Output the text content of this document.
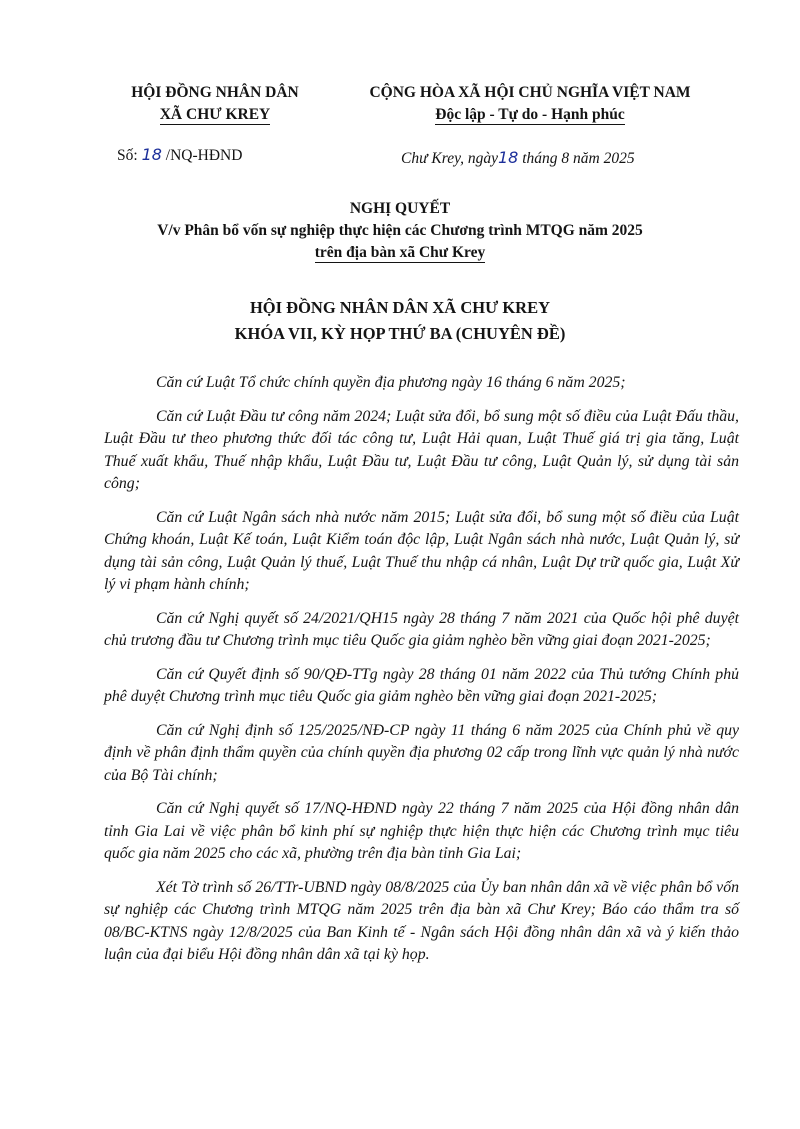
HỘI ĐỒNG NHÂN DÂN
XÃ CHƯ KREY
CỘNG HÒA XÃ HỘI CHỦ NGHĨA VIỆT NAM
Độc lập - Tự do - Hạnh phúc
Số: 18 /NQ-HĐND	Chư Krey, ngày18 tháng 8 năm 2025
NGHỊ QUYẾT
V/v Phân bổ vốn sự nghiệp thực hiện các Chương trình MTQG năm 2025
trên địa bàn xã Chư Krey
HỘI ĐỒNG NHÂN DÂN XÃ CHƯ KREY
KHÓA VII, KỲ HỌP THỨ BA (CHUYÊN ĐỀ)

Căn cứ Luật Tổ chức chính quyền địa phương ngày 16 tháng 6 năm 2025;

Căn cứ Luật Đầu tư công năm 2024; Luật sửa đổi, bổ sung một số điều của Luật Đấu thầu, Luật Đầu tư theo phương thức đối tác công tư, Luật Hải quan, Luật Thuế giá trị gia tăng, Luật Thuế xuất khẩu, Thuế nhập khẩu, Luật Đầu tư, Luật Đầu tư công, Luật Quản lý, sử dụng tài sản công;

Căn cứ Luật Ngân sách nhà nước năm 2015; Luật sửa đổi, bổ sung một số điều của Luật Chứng khoán, Luật Kế toán, Luật Kiểm toán độc lập, Luật Ngân sách nhà nước, Luật Quản lý, sử dụng tài sản công, Luật Quản lý thuế, Luật Thuế thu nhập cá nhân, Luật Dự trữ quốc gia, Luật Xử lý vi phạm hành chính;

Căn cứ Nghị quyết số 24/2021/QH15 ngày 28 tháng 7 năm 2021 của Quốc hội phê duyệt chủ trương đầu tư Chương trình mục tiêu Quốc gia giảm nghèo bền vững giai đoạn 2021-2025;

Căn cứ Quyết định số 90/QĐ-TTg ngày 28 tháng 01 năm 2022 của Thủ tướng Chính phủ phê duyệt Chương trình mục tiêu Quốc gia giảm nghèo bền vững giai đoạn 2021-2025;

Căn cứ Nghị định số 125/2025/NĐ-CP ngày 11 tháng 6 năm 2025 của Chính phủ về quy định về phân định thẩm quyền của chính quyền địa phương 02 cấp trong lĩnh vực quản lý nhà nước của Bộ Tài chính;

Căn cứ Nghị quyết số 17/NQ-HĐND ngày 22 tháng 7 năm 2025 của Hội đồng nhân dân tỉnh Gia Lai về việc phân bổ kinh phí sự nghiệp thực hiện thực hiện các Chương trình mục tiêu quốc gia năm 2025 cho các xã, phường trên địa bàn tỉnh Gia Lai;

Xét Tờ trình số 26/TTr-UBND ngày 08/8/2025 của Ủy ban nhân dân xã về việc phân bổ vốn sự nghiệp các Chương trình MTQG năm 2025 trên địa bàn xã Chư Krey; Báo cáo thẩm tra số 08/BC-KTNS ngày 12/8/2025 của Ban Kinh tế - Ngân sách Hội đồng nhân dân xã và ý kiến thảo luận của đại biểu Hội đồng nhân dân xã tại kỳ họp.
